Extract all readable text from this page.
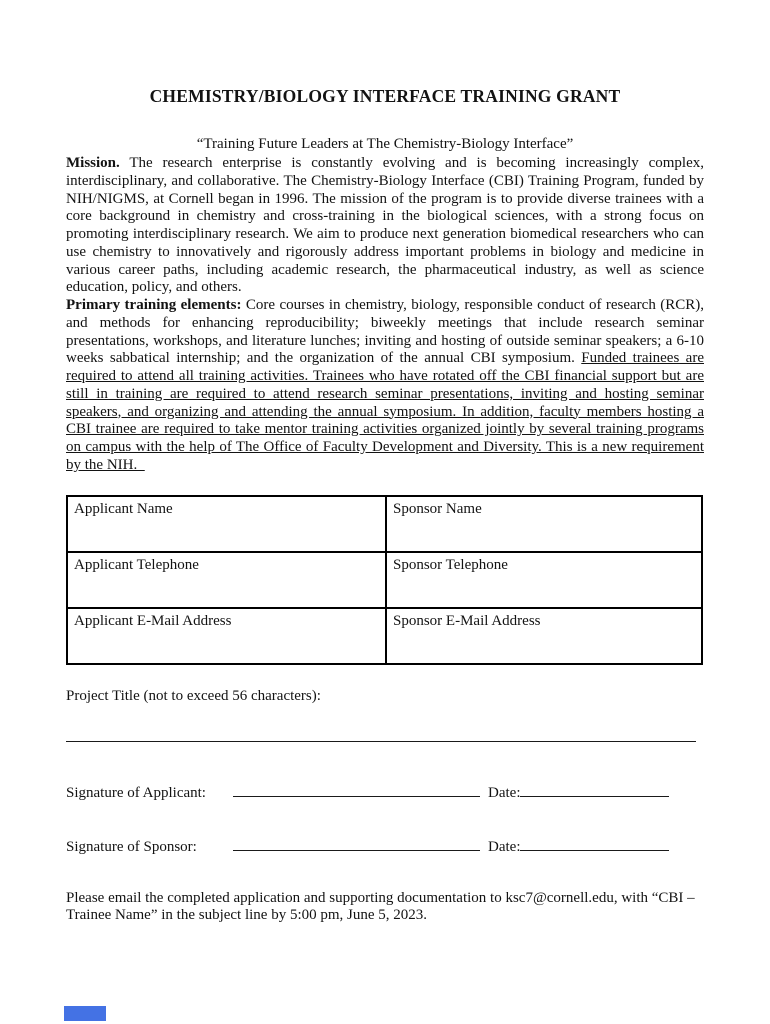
CHEMISTRY/BIOLOGY INTERFACE TRAINING GRANT
“Training Future Leaders at The Chemistry-Biology Interface”

Mission. The research enterprise is constantly evolving and is becoming increasingly complex, interdisciplinary, and collaborative. The Chemistry-Biology Interface (CBI) Training Program, funded by NIH/NIGMS, at Cornell began in 1996. The mission of the program is to provide diverse trainees with a core background in chemistry and cross-training in the biological sciences, with a strong focus on promoting interdisciplinary research. We aim to produce next generation biomedical researchers who can use chemistry to innovatively and rigorously address important problems in biology and medicine in various career paths, including academic research, the pharmaceutical industry, as well as science education, policy, and others.

Primary training elements: Core courses in chemistry, biology, responsible conduct of research (RCR), and methods for enhancing reproducibility; biweekly meetings that include research seminar presentations, workshops, and literature lunches; inviting and hosting of outside seminar speakers; a 6-10 weeks sabbatical internship; and the organization of the annual CBI symposium. Funded trainees are required to attend all training activities. Trainees who have rotated off the CBI financial support but are still in training are required to attend research seminar presentations, inviting and hosting seminar speakers, and organizing and attending the annual symposium. In addition, faculty members hosting a CBI trainee are required to take mentor training activities organized jointly by several training programs on campus with the help of The Office of Faculty Development and Diversity. This is a new requirement by the NIH.

Applicant Name	Sponsor Name
Applicant Telephone	Sponsor Telephone
Applicant E-Mail Address	Sponsor E-Mail Address
Project Title (not to exceed 56 characters):
Signature of Applicant:	Date:
Signature of Sponsor:	Date:

Please email the completed application and supporting documentation to ksc7@cornell.edu, with “CBI – Trainee Name” in the subject line by 5:00 pm, June 5, 2023.
